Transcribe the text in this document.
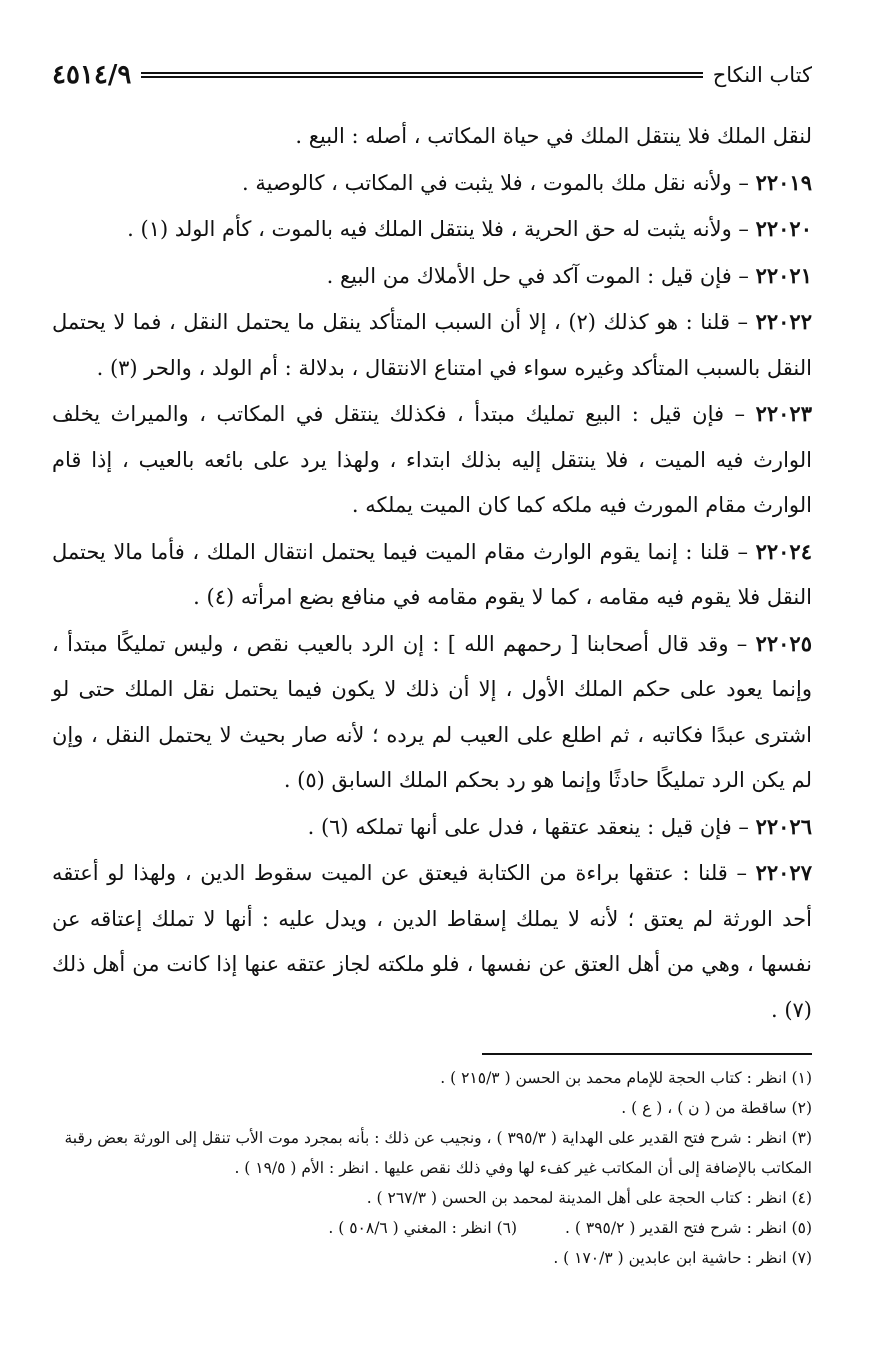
كتاب النكاح
٤٥١٤/٩

لنقل الملك فلا ينتقل الملك في حياة المكاتب ، أصله : البيع .

٢٢٠١٩ – ولأنه نقل ملك بالموت ، فلا يثبت في المكاتب ، كالوصية .

٢٢٠٢٠ – ولأنه يثبت له حق الحرية ، فلا ينتقل الملك فيه بالموت ، كأم الولد (١) .

٢٢٠٢١ – فإن قيل : الموت آكد في حل الأملاك من البيع .

٢٢٠٢٢ – قلنا : هو كذلك (٢) ، إلا أن السبب المتأكد ينقل ما يحتمل النقل ، فما لا يحتمل النقل بالسبب المتأكد وغيره سواء في امتناع الانتقال ، بدلالة : أم الولد ، والحر (٣) .

٢٢٠٢٣ – فإن قيل : البيع تمليك مبتدأ ، فكذلك ينتقل في المكاتب ، والميراث يخلف الوارث فيه الميت ، فلا ينتقل إليه بذلك ابتداء ، ولهذا يرد على بائعه بالعيب ، إذا قام الوارث مقام المورث فيه ملكه كما كان الميت يملكه .

٢٢٠٢٤ – قلنا : إنما يقوم الوارث مقام الميت فيما يحتمل انتقال الملك ، فأما مالا يحتمل النقل فلا يقوم فيه مقامه ، كما لا يقوم مقامه في منافع بضع امرأته (٤) .

٢٢٠٢٥ – وقد قال أصحابنا [ رحمهم الله ] : إن الرد بالعيب نقص ، وليس تمليكًا مبتدأ ، وإنما يعود على حكم الملك الأول ، إلا أن ذلك لا يكون فيما يحتمل نقل الملك حتى لو اشترى عبدًا فكاتبه ، ثم اطلع على العيب لم يرده ؛ لأنه صار بحيث لا يحتمل النقل ، وإن لم يكن الرد تمليكًا حادثًا وإنما هو رد بحكم الملك السابق (٥) .

٢٢٠٢٦ – فإن قيل : ينعقد عتقها ، فدل على أنها تملكه (٦) .

٢٢٠٢٧ – قلنا : عتقها براءة من الكتابة فيعتق عن الميت سقوط الدين ، ولهذا لو أعتقه أحد الورثة لم يعتق ؛ لأنه لا يملك إسقاط الدين ، ويدل عليه : أنها لا تملك إعتاقه عن نفسها ، وهي من أهل العتق عن نفسها ، فلو ملكته لجاز عتقه عنها إذا كانت من أهل ذلك (٧) .

(١) انظر : كتاب الحجة للإمام محمد بن الحسن ( ٢١٥/٣ ) .

(٢) ساقطة من ( ن ) ، ( ع ) .

(٣) انظر : شرح فتح القدير على الهداية ( ٣٩٥/٣ ) ، ونجيب عن ذلك : بأنه بمجرد موت الأب تنقل إلى الورثة بعض رقبة المكاتب بالإضافة إلى أن المكاتب غير كفء لها وفي ذلك نقص عليها . انظر : الأم ( ١٩/٥ ) .

(٤) انظر : كتاب الحجة على أهل المدينة لمحمد بن الحسن ( ٢٦٧/٣ ) .

(٥) انظر : شرح فتح القدير ( ٣٩٥/٢ ) .

(٦) انظر : المغني ( ٥٠٨/٦ ) .

(٧) انظر : حاشية ابن عابدين ( ١٧٠/٣ ) .
